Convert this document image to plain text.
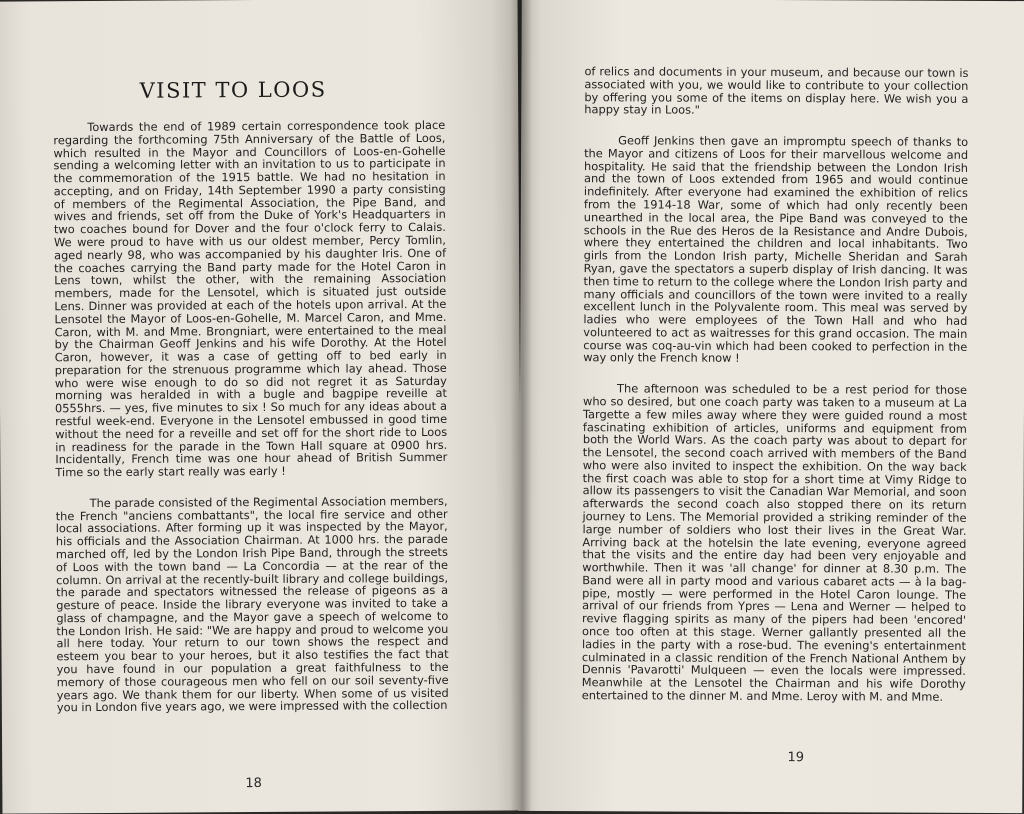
VISIT TO LOOS

Towards the end of 1989 certain correspondence took place regarding the forthcoming 75th Anniversary of the Battle of Loos, which resulted in the Mayor and Councillors of Loos-en-Gohelle sending a welcoming letter with an invitation to us to participate in the commemoration of the 1915 battle. We had no hesitation in accepting, and on Friday, 14th September 1990 a party consisting of members of the Regimental Association, the Pipe Band, and wives and friends, set off from the Duke of York's Headquarters in two coaches bound for Dover and the four o'clock ferry to Calais. We were proud to have with us our oldest member, Percy Tomlin, aged nearly 98, who was accompanied by his daughter Iris. One of the coaches carrying the Band party made for the Hotel Caron in Lens town, whilst the other, with the remaining Association members, made for the Lensotel, which is situated just outside Lens. Dinner was provided at each of the hotels upon arrival. At the Lensotel the Mayor of Loos-en-Gohelle, M. Marcel Caron, and Mme. Caron, with M. and Mme. Brongniart, were entertained to the meal by the Chairman Geoff Jenkins and his wife Dorothy. At the Hotel Caron, however, it was a case of getting off to bed early in preparation for the strenuous programme which lay ahead. Those who were wise enough to do so did not regret it as Saturday morning was heralded in with a bugle and bagpipe reveille at 0555hrs. — yes, five minutes to six ! So much for any ideas about a restful week-end. Everyone in the Lensotel embussed in good time without the need for a reveille and set off for the short ride to Loos in readiness for the parade in the Town Hall square at 0900 hrs. Incidentally, French time was one hour ahead of British Summer Time so the early start really was early !

The parade consisted of the Regimental Association members, the French "anciens combattants", the local fire service and other local associations. After forming up it was inspected by the Mayor, his officials and the Association Chairman. At 1000 hrs. the parade marched off, led by the London Irish Pipe Band, through the streets of Loos with the town band — La Concordia — at the rear of the column. On arrival at the recently-built library and college buildings, the parade and spectators witnessed the release of pigeons as a gesture of peace. Inside the library everyone was invited to take a glass of champagne, and the Mayor gave a speech of welcome to the London Irish. He said: "We are happy and proud to welcome you all here today. Your return to our town shows the respect and esteem you bear to your heroes, but it also testifies the fact that you have found in our population a great faithfulness to the memory of those courageous men who fell on our soil seventy-five years ago. We thank them for our liberty. When some of us visited you in London five years ago, we were impressed with the collection

18

of relics and documents in your museum, and because our town is associated with you, we would like to contribute to your collection by offering you some of the items on display here. We wish you a happy stay in Loos."

Geoff Jenkins then gave an impromptu speech of thanks to the Mayor and citizens of Loos for their marvellous welcome and hospitality. He said that the friendship between the London Irish and the town of Loos extended from 1965 and would continue indefinitely. After everyone had examined the exhibition of relics from the 1914-18 War, some of which had only recently been unearthed in the local area, the Pipe Band was conveyed to the schools in the Rue des Heros de la Resistance and Andre Dubois, where they entertained the children and local inhabitants. Two girls from the London Irish party, Michelle Sheridan and Sarah Ryan, gave the spectators a superb display of Irish dancing. It was then time to return to the college where the London Irish party and many officials and councillors of the town were invited to a really excellent lunch in the Polyvalente room. This meal was served by ladies who were employees of the Town Hall and who had volunteered to act as waitresses for this grand occasion. The main course was coq-au-vin which had been cooked to perfection in the way only the French know !

The afternoon was scheduled to be a rest period for those who so desired, but one coach party was taken to a museum at La Targette a few miles away where they were guided round a most fascinating exhibition of articles, uniforms and equipment from both the World Wars. As the coach party was about to depart for the Lensotel, the second coach arrived with members of the Band who were also invited to inspect the exhibition. On the way back the first coach was able to stop for a short time at Vimy Ridge to allow its passengers to visit the Canadian War Memorial, and soon afterwards the second coach also stopped there on its return journey to Lens. The Memorial provided a striking reminder of the large number of soldiers who lost their lives in the Great War. Arriving back at the hotelsin the late evening, everyone agreed that the visits and the entire day had been very enjoyable and worthwhile. Then it was 'all change' for dinner at 8.30 p.m. The Band were all in party mood and various cabaret acts — à la bag-pipe, mostly — were performed in the Hotel Caron lounge. The arrival of our friends from Ypres — Lena and Werner — helped to revive flagging spirits as many of the pipers had been 'encored' once too often at this stage. Werner gallantly presented all the ladies in the party with a rose-bud. The evening's entertainment culminated in a classic rendition of the French National Anthem by Dennis 'Pavarotti' Mulqueen — even the locals were impressed. Meanwhile at the Lensotel the Chairman and his wife Dorothy entertained to the dinner M. and Mme. Leroy with M. and Mme.

19
